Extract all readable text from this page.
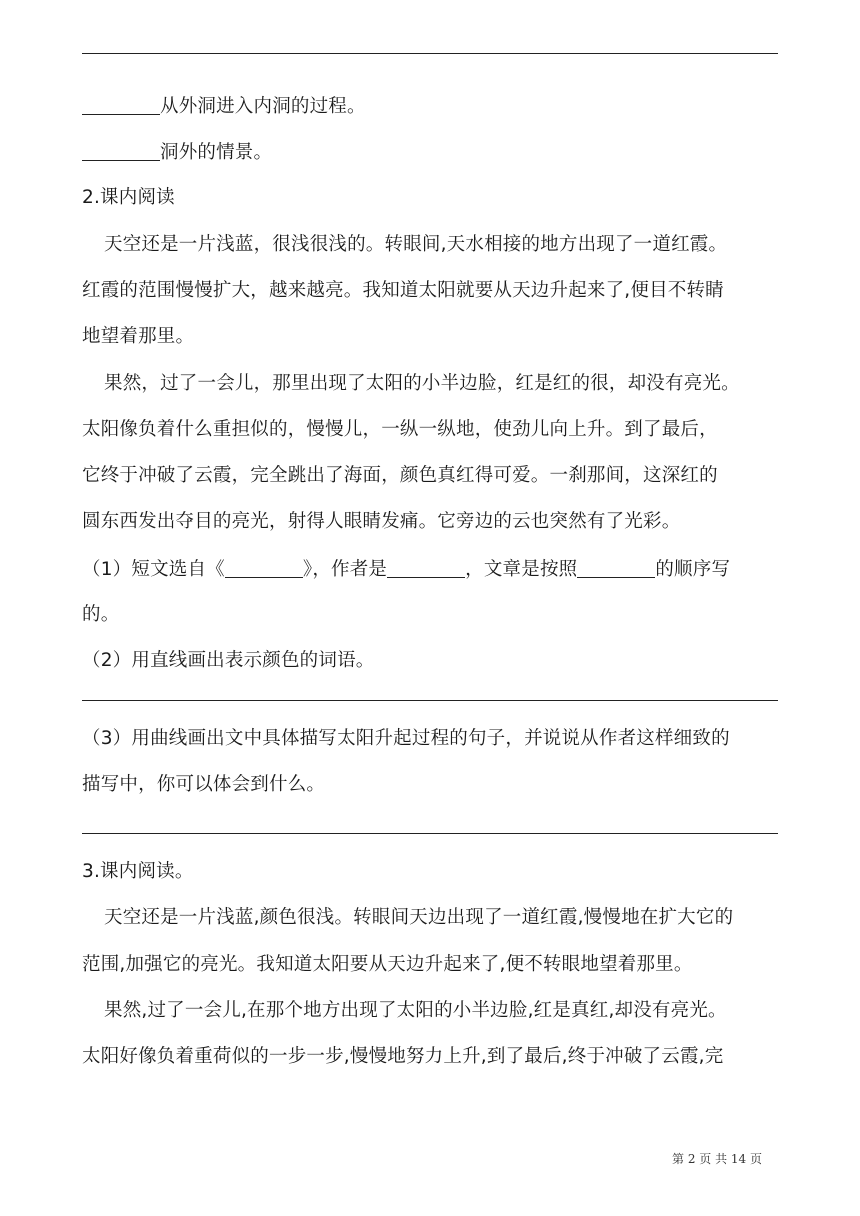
从外洞进入内洞的过程。
洞外的情景。
2.课内阅读
天空还是一片浅蓝，很浅很浅的。转眼间,天水相接的地方出现了一道红霞。
红霞的范围慢慢扩大，越来越亮。我知道太阳就要从天边升起来了,便目不转睛
地望着那里。
果然，过了一会儿，那里出现了太阳的小半边脸，红是红的很，却没有亮光。
太阳像负着什么重担似的，慢慢儿，一纵一纵地，使劲儿向上升。到了最后，
它终于冲破了云霞，完全跳出了海面，颜色真红得可爱。一刹那间，这深红的
圆东西发出夺目的亮光，射得人眼睛发痛。它旁边的云也突然有了光彩。
（1）短文选自《	》，作者是	，文章是按照	的顺序写
的。
（2）用直线画出表示颜色的词语。
（3）用曲线画出文中具体描写太阳升起过程的句子，并说说从作者这样细致的
描写中，你可以体会到什么。
3.课内阅读。
天空还是一片浅蓝,颜色很浅。转眼间天边出现了一道红霞,慢慢地在扩大它的
范围,加强它的亮光。我知道太阳要从天边升起来了,便不转眼地望着那里。
果然,过了一会儿,在那个地方出现了太阳的小半边脸,红是真红,却没有亮光。
太阳好像负着重荷似的一步一步,慢慢地努力上升,到了最后,终于冲破了云霞,完
第 2 页 共 14 页
